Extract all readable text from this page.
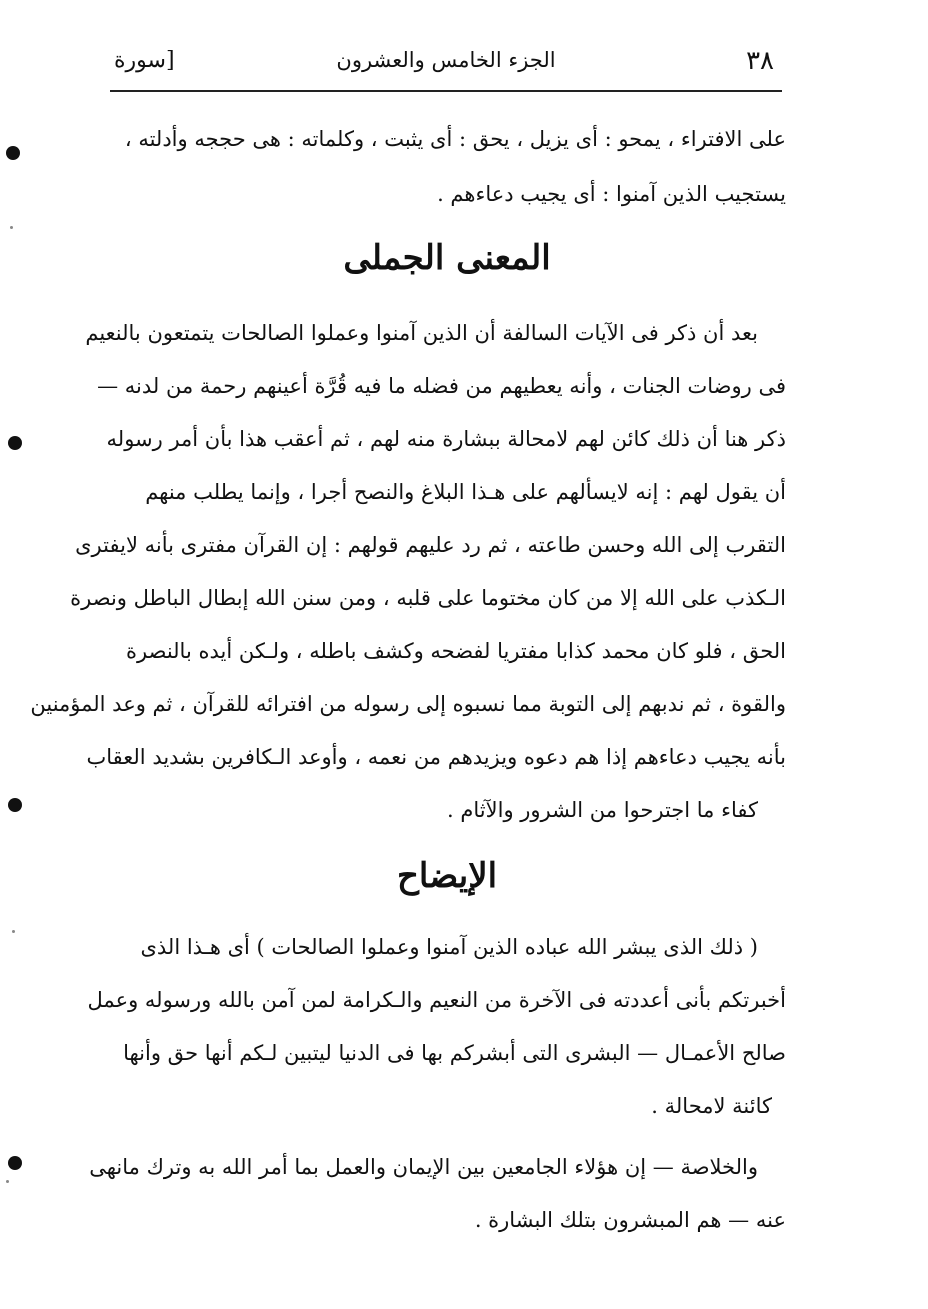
٣٨
الجزء الخامس والعشرون
[سورة
على الافتراء ، يمحو : أى يزيل ، يحق : أى يثبت ، وكلماته : هى حججه وأدلته ،
يستجيب الذين آمنوا : أى يجيب دعاءهم .
المعنى الجملى
بعد أن ذكر فى الآيات السالفة أن الذين آمنوا وعملوا الصالحات يتمتعون بالنعيم
فى روضات الجنات ، وأنه يعطيهم من فضله ما فيه قُرَّة أعينهم رحمة من لدنه —
ذكر هنا أن ذلك كائن لهم لامحالة ببشارة منه لهم ، ثم أعقب هذا بأن أمر رسوله
أن يقول لهم : إنه لايسألهم على هـذا البلاغ والنصح أجرا ، وإنما يطلب منهم
التقرب إلى الله وحسن طاعته ، ثم رد عليهم قولهم : إن القرآن مفترى بأنه لايفترى
الـكذب على الله إلا من كان مختوما على قلبه ، ومن سنن الله إبطال الباطل ونصرة
الحق ، فلو كان محمد كذابا مفتريا لفضحه وكشف باطله ، ولـكن أيده بالنصرة
والقوة ، ثم ندبهم إلى التوبة مما نسبوه إلى رسوله من افترائه للقرآن ، ثم وعد المؤمنين
بأنه يجيب دعاءهم إذا هم دعوه ويزيدهم من نعمه ، وأوعد الـكافرين بشديد العقاب
كفاء ما اجترحوا من الشرور والآثام .
الإيضاح
( ذلك الذى يبشر الله عباده الذين آمنوا وعملوا الصالحات ) أى هـذا الذى
أخبرتكم بأنى أعددته فى الآخرة من النعيم والـكرامة لمن آمن بالله ورسوله وعمل
صالح الأعمـال — البشرى التى أبشركم بها فى الدنيا ليتبين لـكم أنها حق وأنها
كائنة لامحالة .
والخلاصة — إن هؤلاء الجامعين بين الإيمان والعمل بما أمر الله به وترك مانهى
عنه — هم المبشرون بتلك البشارة .
